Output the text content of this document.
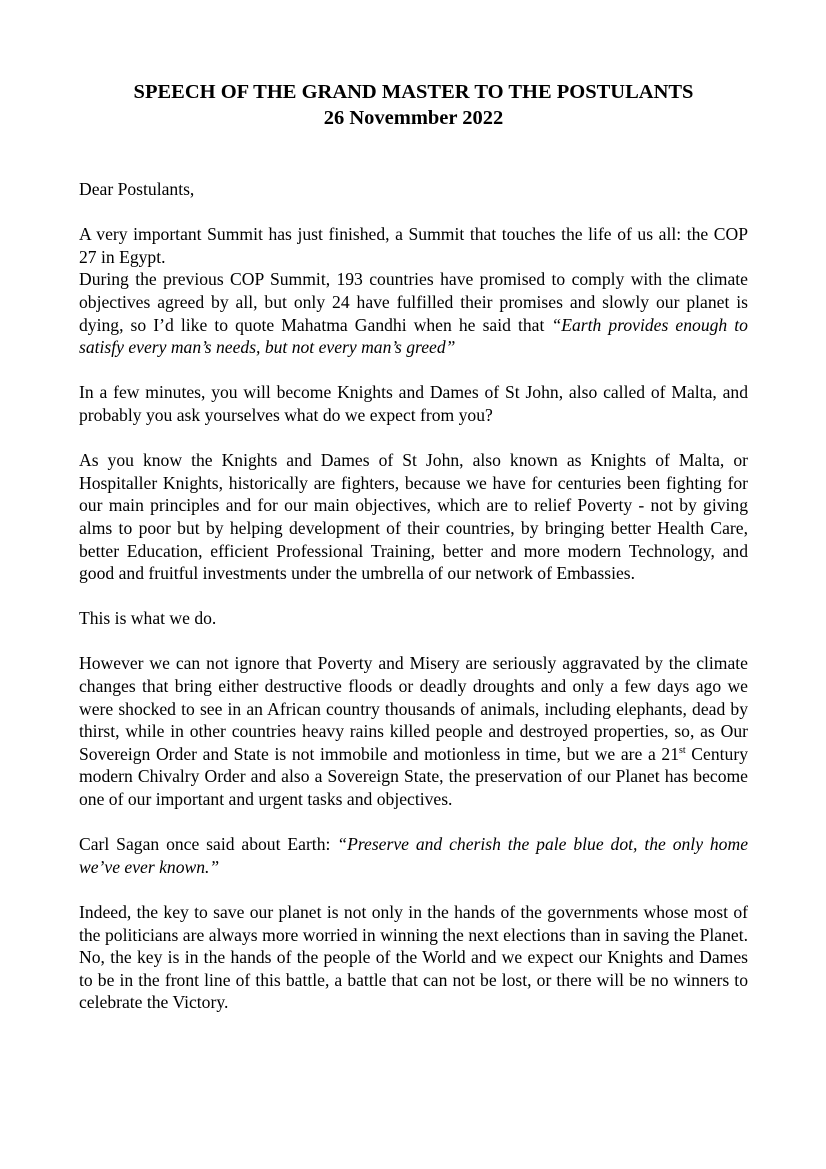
SPEECH OF THE GRAND MASTER TO THE POSTULANTS
26 Novemmber 2022

Dear Postulants,

A very important Summit has just finished, a Summit that touches the life of us all: the COP 27 in Egypt.

During the previous COP Summit, 193 countries have promised to comply with the climate objectives agreed by all, but only 24 have fulfilled their promises and slowly our planet is dying, so I’d like to quote Mahatma Gandhi when he said that “Earth provides enough to satisfy every man’s needs, but not every man’s greed”

In a few minutes, you will become Knights and Dames of St John, also called of Malta, and probably you ask yourselves what do we expect from you?

As you know the Knights and Dames of St John, also known as Knights of Malta, or Hospitaller Knights, historically are fighters, because we have for centuries been fighting for our main principles and for our main objectives, which are to relief Poverty - not by giving alms to poor but by helping development of their countries, by bringing better Health Care, better Education, efficient Professional Training, better and more modern Technology, and good and fruitful investments under the umbrella of our network of Embassies.

This is what we do.

However we can not ignore that Poverty and Misery are seriously aggravated by the climate changes that bring either destructive floods or deadly droughts and only a few days ago we were shocked to see in an African country thousands of animals, including elephants, dead by thirst, while in other countries heavy rains killed people and destroyed properties, so, as Our Sovereign Order and State is not immobile and motionless in time, but we are a 21st Century modern Chivalry Order and also a Sovereign State, the preservation of our Planet has become one of our important and urgent tasks and objectives.

Carl Sagan once said about Earth: “Preserve and cherish the pale blue dot, the only home we’ve ever known.”

Indeed, the key to save our planet is not only in the hands of the governments whose most of the politicians are always more worried in winning the next elections than in saving the Planet. No, the key is in the hands of the people of the World and we expect our Knights and Dames to be in the front line of this battle, a battle that can not be lost, or there will be no winners to celebrate the Victory.
